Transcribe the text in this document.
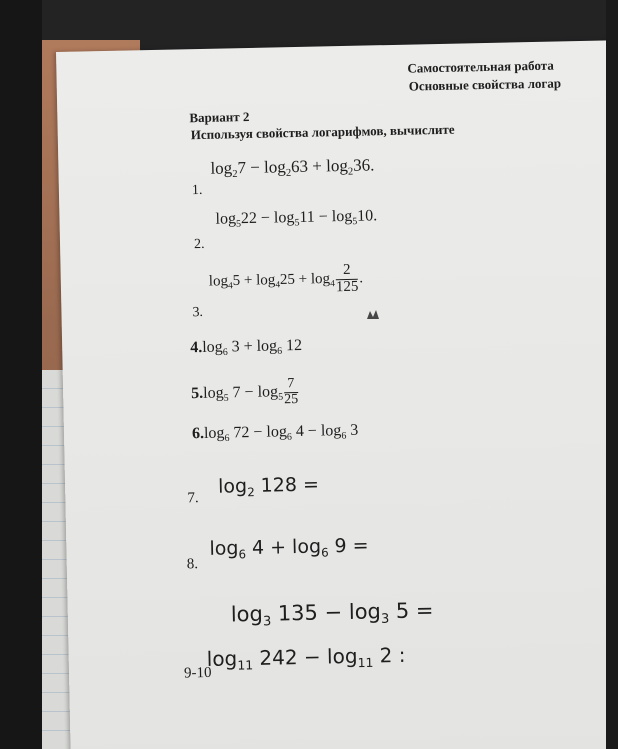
Самостоятельная работа
Основные свойства логар
Вариант 2
Используя свойства логарифмов, вычислите
$\log_27 - \log_263 + \log_236$.
1.
$\log_522 - \log_511 - \log_510$.
2.
$\log_45 + \log_425 + \log_4 \frac{2}{125}$ .
3.
$4.\log_6$ $3 + \log_6 12$
$5.\log_5$ $7 - \log_5 \frac{7}{25}$
$6.\log_6$ $72 - \log_6 4 - \log_6 3$
$\log_2 128$ =
7.
$\log_6 4 + \log_6 9$ =
8.
$\log_3 135 - \log_3 5$ =
$\log_{11} 242 - \log_{11} 2$ :
9-10
